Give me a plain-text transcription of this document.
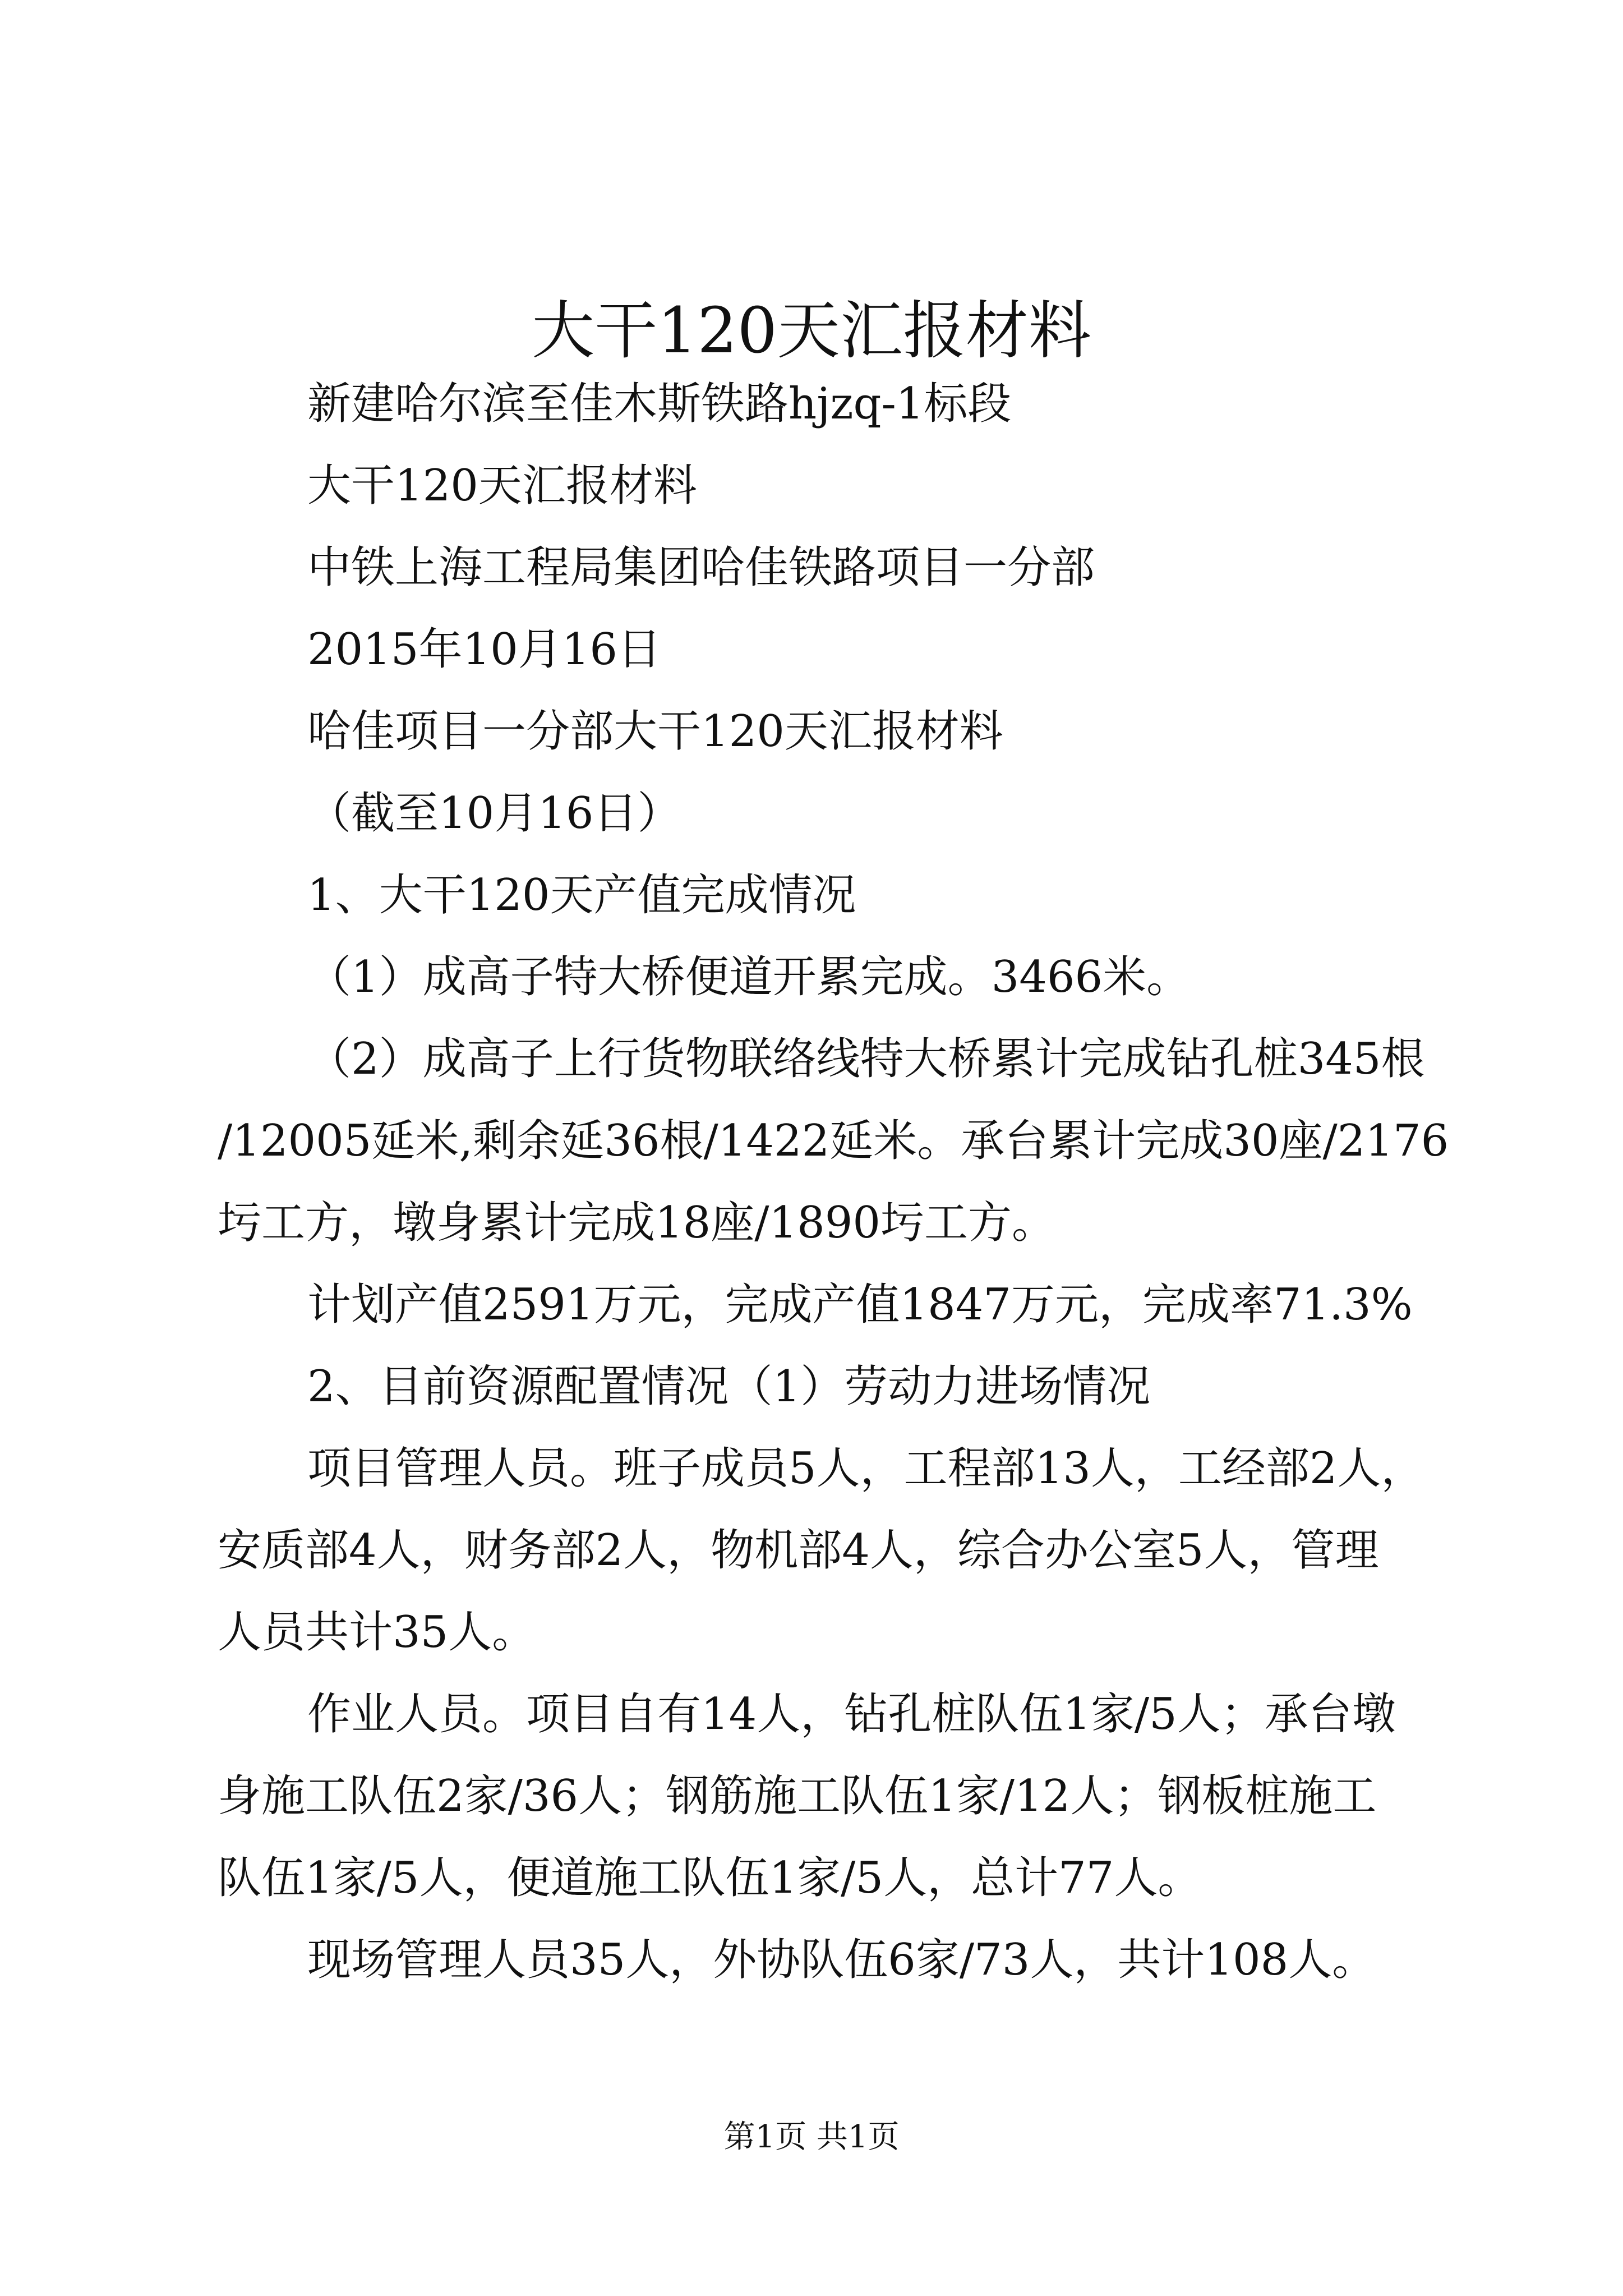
大干120天汇报材料
新建哈尔滨至佳木斯铁路hjzq-1标段
大干120天汇报材料
中铁上海工程局集团哈佳铁路项目一分部
2015年10月16日
哈佳项目一分部大干120天汇报材料
（截至10月16日）
1、大干120天产值完成情况
（1）成高子特大桥便道开累完成。3466米。
（2）成高子上行货物联络线特大桥累计完成钻孔桩345根
/12005延米,剩余延36根/1422延米。承台累计完成30座/2176
圬工方，墩身累计完成18座/1890圬工方。
计划产值2591万元，完成产值1847万元，完成率71.3%
2、目前资源配置情况（1）劳动力进场情况
项目管理人员。班子成员5人，工程部13人，工经部2人，
安质部4人，财务部2人，物机部4人，综合办公室5人，管理
人员共计35人。
作业人员。项目自有14人，钻孔桩队伍1家/5人；承台墩
身施工队伍2家/36人；钢筋施工队伍1家/12人；钢板桩施工
队伍1家/5人，便道施工队伍1家/5人，总计77人。
现场管理人员35人，外协队伍6家/73人，共计108人。
第1页 共1页
